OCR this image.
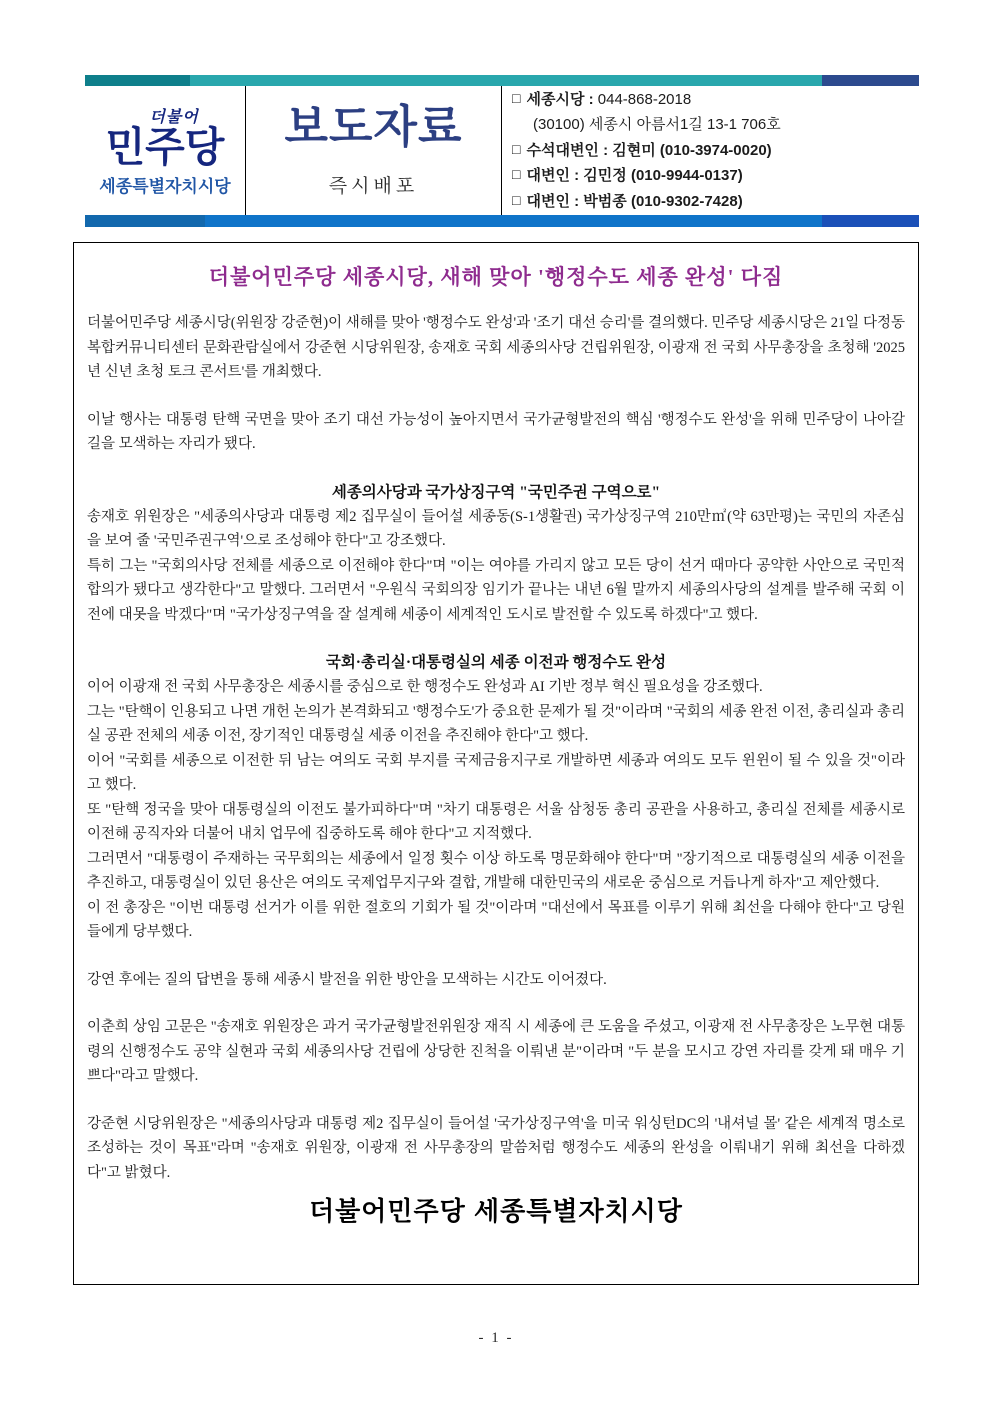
더불어
민주당
세종특별자치시당
보도자료
즉시배포
□ 세종시당 : 044-868-2018
(30100) 세종시 아름서1길 13-1 706호
□ 수석대변인 : 김현미 (010-3974-0020)
□ 대변인 : 김민정 (010-9944-0137)
□ 대변인 : 박범종 (010-9302-7428)
더불어민주당 세종시당, 새해 맞아 '행정수도 세종 완성' 다짐
더불어민주당 세종시당(위원장 강준현)이 새해를 맞아 '행정수도 완성'과 '조기 대선 승리'를 결의했다. 민주당 세종시당은 21일 다정동 복합커뮤니티센터 문화관람실에서 강준현 시당위원장, 송재호 국회 세종의사당 건립위원장, 이광재 전 국회 사무총장을 초청해 '2025년 신년 초청 토크 콘서트'를 개최했다.
이날 행사는 대통령 탄핵 국면을 맞아 조기 대선 가능성이 높아지면서 국가균형발전의 핵심 '행정수도 완성'을 위해 민주당이 나아갈 길을 모색하는 자리가 됐다.
세종의사당과 국가상징구역 "국민주권 구역으로"
송재호 위원장은 "세종의사당과 대통령 제2 집무실이 들어설 세종동(S-1생활권) 국가상징구역 210만㎡(약 63만평)는 국민의 자존심을 보여 줄 '국민주권구역'으로 조성해야 한다"고 강조했다.
특히 그는 "국회의사당 전체를 세종으로 이전해야 한다"며 "이는 여야를 가리지 않고 모든 당이 선거 때마다 공약한 사안으로 국민적 합의가 됐다고 생각한다"고 말했다. 그러면서 "우원식 국회의장 임기가 끝나는 내년 6월 말까지 세종의사당의 설계를 발주해 국회 이전에 대못을 박겠다"며 "국가상징구역을 잘 설계해 세종이 세계적인 도시로 발전할 수 있도록 하겠다"고 했다.
국회·총리실·대통령실의 세종 이전과 행정수도 완성
이어 이광재 전 국회 사무총장은 세종시를 중심으로 한 행정수도 완성과 AI 기반 정부 혁신 필요성을 강조했다.
그는 "탄핵이 인용되고 나면 개헌 논의가 본격화되고 '행정수도'가 중요한 문제가 될 것"이라며 "국회의 세종 완전 이전, 총리실과 총리실 공관 전체의 세종 이전, 장기적인 대통령실 세종 이전을 추진해야 한다"고 했다.
이어 "국회를 세종으로 이전한 뒤 남는 여의도 국회 부지를 국제금융지구로 개발하면 세종과 여의도 모두 윈윈이 될 수 있을 것"이라고 했다.
또 "탄핵 정국을 맞아 대통령실의 이전도 불가피하다"며 "차기 대통령은 서울 삼청동 총리 공관을 사용하고, 총리실 전체를 세종시로 이전해 공직자와 더불어 내치 업무에 집중하도록 해야 한다"고 지적했다.
그러면서 "대통령이 주재하는 국무회의는 세종에서 일정 횟수 이상 하도록 명문화해야 한다"며 "장기적으로 대통령실의 세종 이전을 추진하고, 대통령실이 있던 용산은 여의도 국제업무지구와 결합, 개발해 대한민국의 새로운 중심으로 거듭나게 하자"고 제안했다.
이 전 총장은 "이번 대통령 선거가 이를 위한 절호의 기회가 될 것"이라며 "대선에서 목표를 이루기 위해 최선을 다해야 한다"고 당원들에게 당부했다.
강연 후에는 질의 답변을 통해 세종시 발전을 위한 방안을 모색하는 시간도 이어졌다.
이춘희 상임 고문은 "송재호 위원장은 과거 국가균형발전위원장 재직 시 세종에 큰 도움을 주셨고, 이광재 전 사무총장은 노무현 대통령의 신행정수도 공약 실현과 국회 세종의사당 건립에 상당한 진척을 이뤄낸 분"이라며 "두 분을 모시고 강연 자리를 갖게 돼 매우 기쁘다"라고 말했다.
강준현 시당위원장은 "세종의사당과 대통령 제2 집무실이 들어설 '국가상징구역'을 미국 워싱턴DC의 '내셔널 몰' 같은 세계적 명소로 조성하는 것이 목표"라며 "송재호 위원장, 이광재 전 사무총장의 말씀처럼 행정수도 세종의 완성을 이뤄내기 위해 최선을 다하겠다"고 밝혔다.
더불어민주당 세종특별자치시당
- 1 -
